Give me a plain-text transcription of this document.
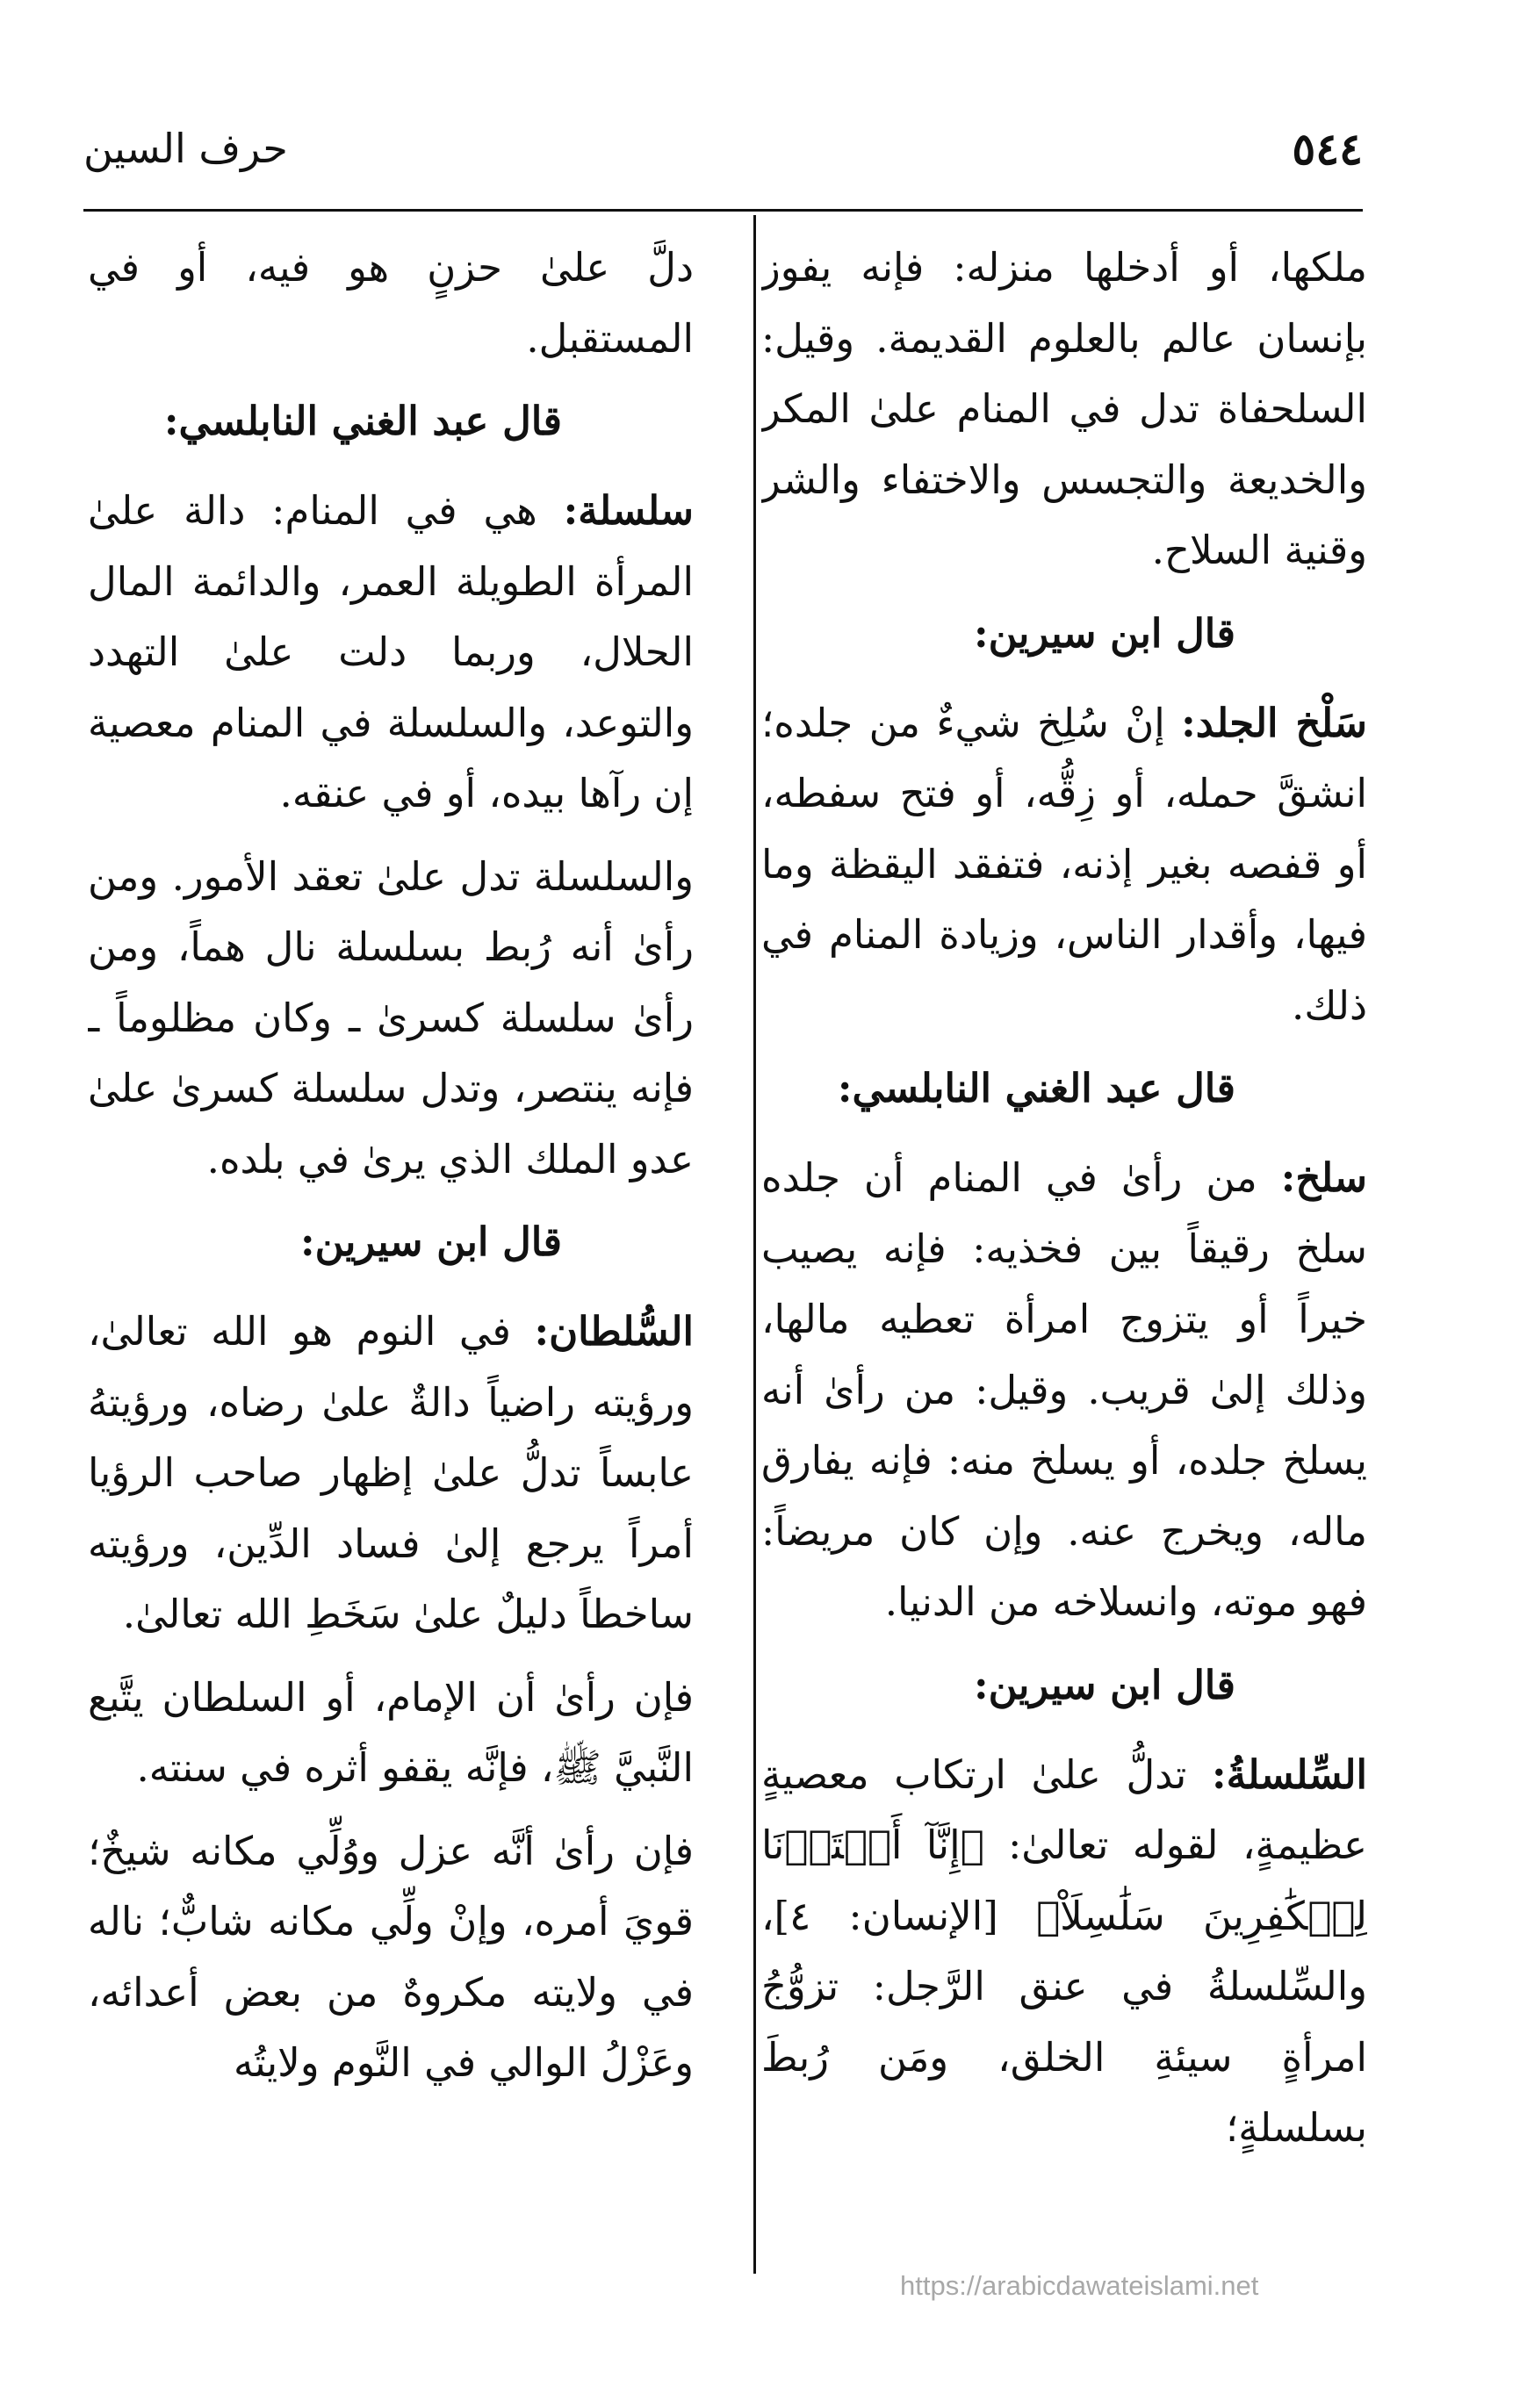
٥٤٤
حرف السين

ملكها، أو أدخلها منزله: فإنه يفوز بإنسان عالم بالعلوم القديمة. وقيل: السلحفاة تدل في المنام علىٰ المكر والخديعة والتجسس والاختفاء والشر وقنية السلاح.

قال ابن سيرين:

سَلْخ الجلد: إنْ سُلِخ شيءٌ من جلده؛ انشقَّ حمله، أو زِقُّه، أو فتح سفطه، أو قفصه بغير إذنه، فتفقد اليقظة وما فيها، وأقدار الناس، وزيادة المنام في ذلك.

قال عبد الغني النابلسي:

سلخ: من رأىٰ في المنام أن جلده سلخ رقيقاً بين فخذيه: فإنه يصيب خيراً أو يتزوج امرأة تعطيه مالها، وذلك إلىٰ قريب. وقيل: من رأىٰ أنه يسلخ جلده، أو يسلخ منه: فإنه يفارق ماله، ويخرج عنه. وإن كان مريضاً: فهو موته، وانسلاخه من الدنيا.

قال ابن سيرين:

السِّلسلةُ: تدلُّ علىٰ ارتكاب معصيةٍ عظيمةٍ، لقوله تعالىٰ: ﴿إِنَّآ أَعۡتَدۡنَا لِلۡكَٰفِرِينَ سَلَٰسِلَاْ﴾ [الإنسان: ٤]، والسِّلسلةُ في عنق الرَّجل: تزوُّجُ امرأةٍ سيئةِ الخلق، ومَن رُبطَ بسلسلةٍ؛

دلَّ علىٰ حزنٍ هو فيه، أو في المستقبل.

قال عبد الغني النابلسي:

سلسلة: هي في المنام: دالة علىٰ المرأة الطويلة العمر، والدائمة المال الحلال، وربما دلت علىٰ التهدد والتوعد، والسلسلة في المنام معصية إن رآها بيده، أو في عنقه.

والسلسلة تدل علىٰ تعقد الأمور. ومن رأىٰ أنه رُبط بسلسلة نال هماً، ومن رأىٰ سلسلة كسرىٰ ـ وكان مظلوماً ـ فإنه ينتصر، وتدل سلسلة كسرىٰ علىٰ عدو الملك الذي يرىٰ في بلده.

قال ابن سيرين:

السُّلطان: في النوم هو الله تعالىٰ، ورؤيته راضياً دالةٌ علىٰ رضاه، ورؤيتهُ عابساً تدلُّ علىٰ إظهار صاحب الرؤيا أمراً يرجع إلىٰ فساد الدِّين، ورؤيته ساخطاً دليلٌ علىٰ سَخَطِ الله تعالىٰ.

فإن رأىٰ أن الإمام، أو السلطان يتَّبع النَّبيَّ ﷺ، فإنَّه يقفو أثره في سنته.

فإن رأىٰ أنَّه عزل ووُلِّي مكانه شيخٌ؛ قويَ أمره، وإنْ ولِّي مكانه شابٌّ؛ ناله في ولايته مكروهٌ من بعض أعدائه، وعَزْلُ الوالي في النَّوم ولايتُه

https://arabicdawateislami.net
